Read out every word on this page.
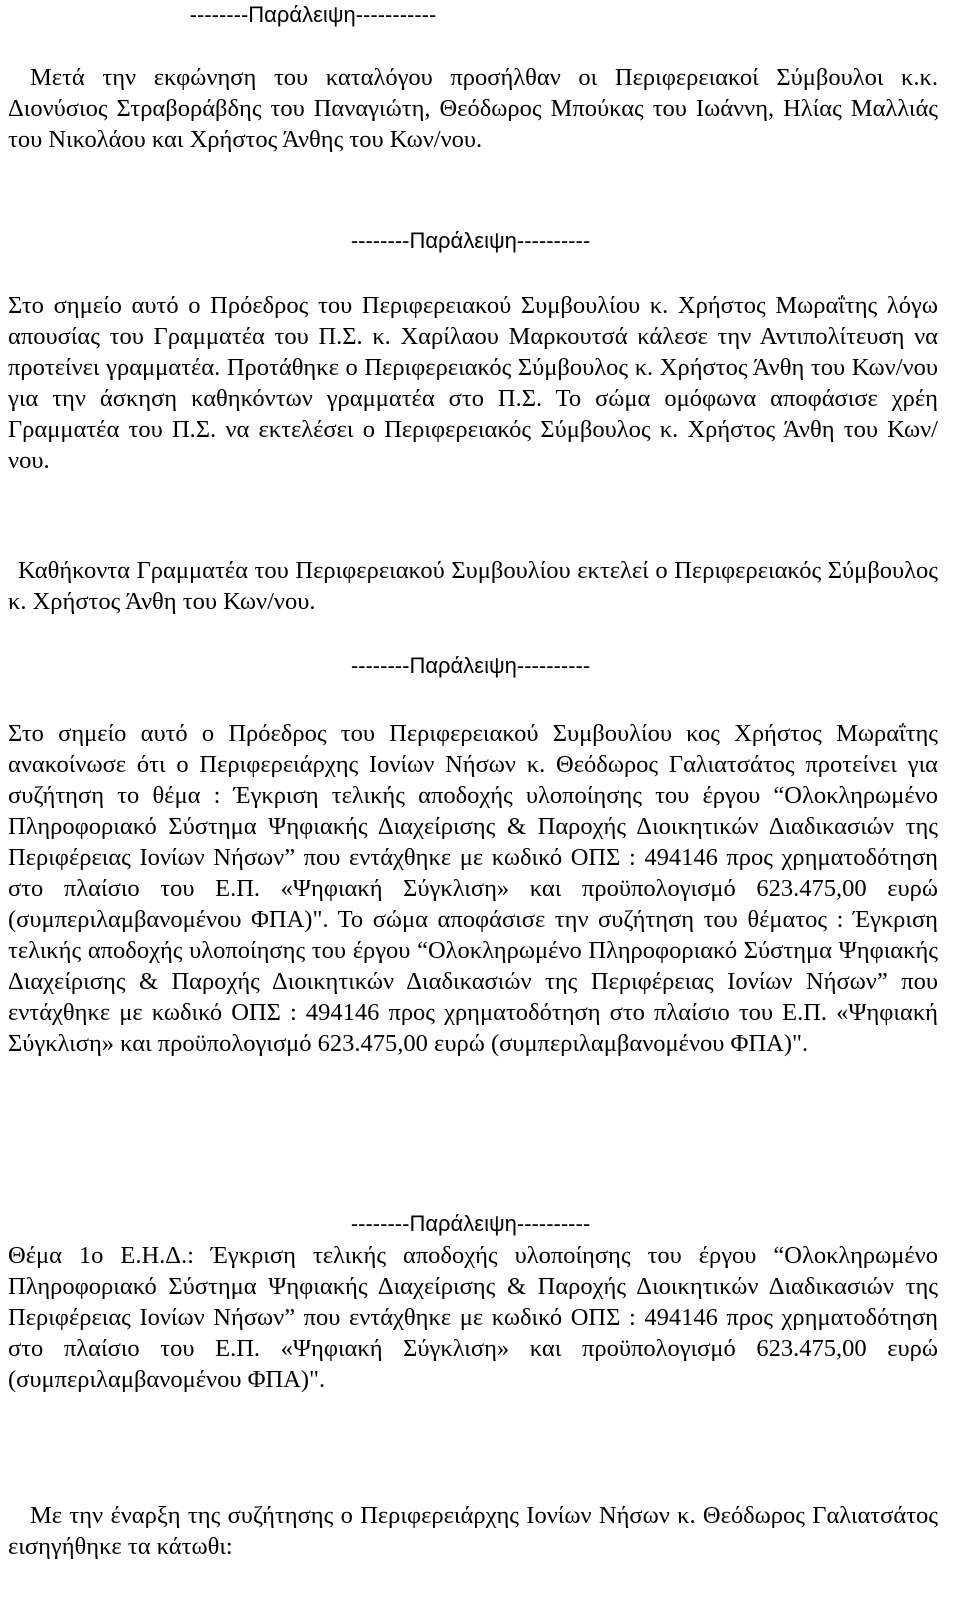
--------Παράλειψη-----------

Μετά την εκφώνηση του καταλόγου προσήλθαν οι Περιφερειακοί Σύμβουλοι κ.κ. Διονύσιος Στραβοράβδης του Παναγιώτη, Θεόδωρος Μπούκας του Ιωάννη, Ηλίας Μαλλιάς του Νικολάου και Χρήστος Άνθης του Κων/νου.

--------Παράλειψη----------

Στο σημείο αυτό ο Πρόεδρος του Περιφερειακού Συμβουλίου κ. Χρήστος Μωραΐτης λόγω απουσίας του Γραμματέα του Π.Σ. κ. Χαρίλαου Μαρκουτσά κάλεσε την Αντιπολίτευση να προτείνει γραμματέα. Προτάθηκε ο Περιφερειακός Σύμβουλος κ. Χρήστος Άνθη του Κων/νου για την άσκηση καθηκόντων γραμματέα στο Π.Σ. Το σώμα ομόφωνα αποφάσισε χρέη Γραμματέα του Π.Σ. να εκτελέσει ο Περιφερειακός Σύμβουλος κ. Χρήστος Άνθη του Κων/νου.

Καθήκοντα Γραμματέα του Περιφερειακού Συμβουλίου εκτελεί ο Περιφερειακός Σύμβουλος κ. Χρήστος Άνθη του Κων/νου.

--------Παράλειψη----------

Στο σημείο αυτό ο Πρόεδρος του Περιφερειακού Συμβουλίου κος Χρήστος Μωραΐτης ανακοίνωσε ότι ο Περιφερειάρχης Ιονίων Νήσων κ. Θεόδωρος Γαλιατσάτος προτείνει για συζήτηση το θέμα : Έγκριση τελικής αποδοχής υλοποίησης του έργου “Ολοκληρωμένο Πληροφοριακό Σύστημα Ψηφιακής Διαχείρισης & Παροχής Διοικητικών Διαδικασιών της Περιφέρειας Ιονίων Νήσων” που εντάχθηκε με κωδικό ΟΠΣ : 494146 προς χρηματοδότηση στο πλαίσιο του Ε.Π. «Ψηφιακή Σύγκλιση» και προϋπολογισμό 623.475,00 ευρώ (συμπεριλαμβανομένου ΦΠΑ)". Το σώμα αποφάσισε την συζήτηση του θέματος : Έγκριση τελικής αποδοχής υλοποίησης του έργου “Ολοκληρωμένο Πληροφοριακό Σύστημα Ψηφιακής Διαχείρισης & Παροχής Διοικητικών Διαδικασιών της Περιφέρειας Ιονίων Νήσων” που εντάχθηκε με κωδικό ΟΠΣ : 494146 προς χρηματοδότηση στο πλαίσιο του Ε.Π. «Ψηφιακή Σύγκλιση» και προϋπολογισμό 623.475,00 ευρώ (συμπεριλαμβανομένου ΦΠΑ)".

--------Παράλειψη----------

Θέμα 1ο Ε.Η.Δ.: Έγκριση τελικής αποδοχής υλοποίησης του έργου “Ολοκληρωμένο Πληροφοριακό Σύστημα Ψηφιακής Διαχείρισης & Παροχής Διοικητικών Διαδικασιών της Περιφέρειας Ιονίων Νήσων” που εντάχθηκε με κωδικό ΟΠΣ : 494146 προς χρηματοδότηση στο πλαίσιο του Ε.Π. «Ψηφιακή Σύγκλιση» και προϋπολογισμό 623.475,00 ευρώ (συμπεριλαμβανομένου ΦΠΑ)".

Με την έναρξη της συζήτησης ο Περιφερειάρχης Ιονίων Νήσων κ. Θεόδωρος Γαλιατσάτος εισηγήθηκε τα κάτωθι:
